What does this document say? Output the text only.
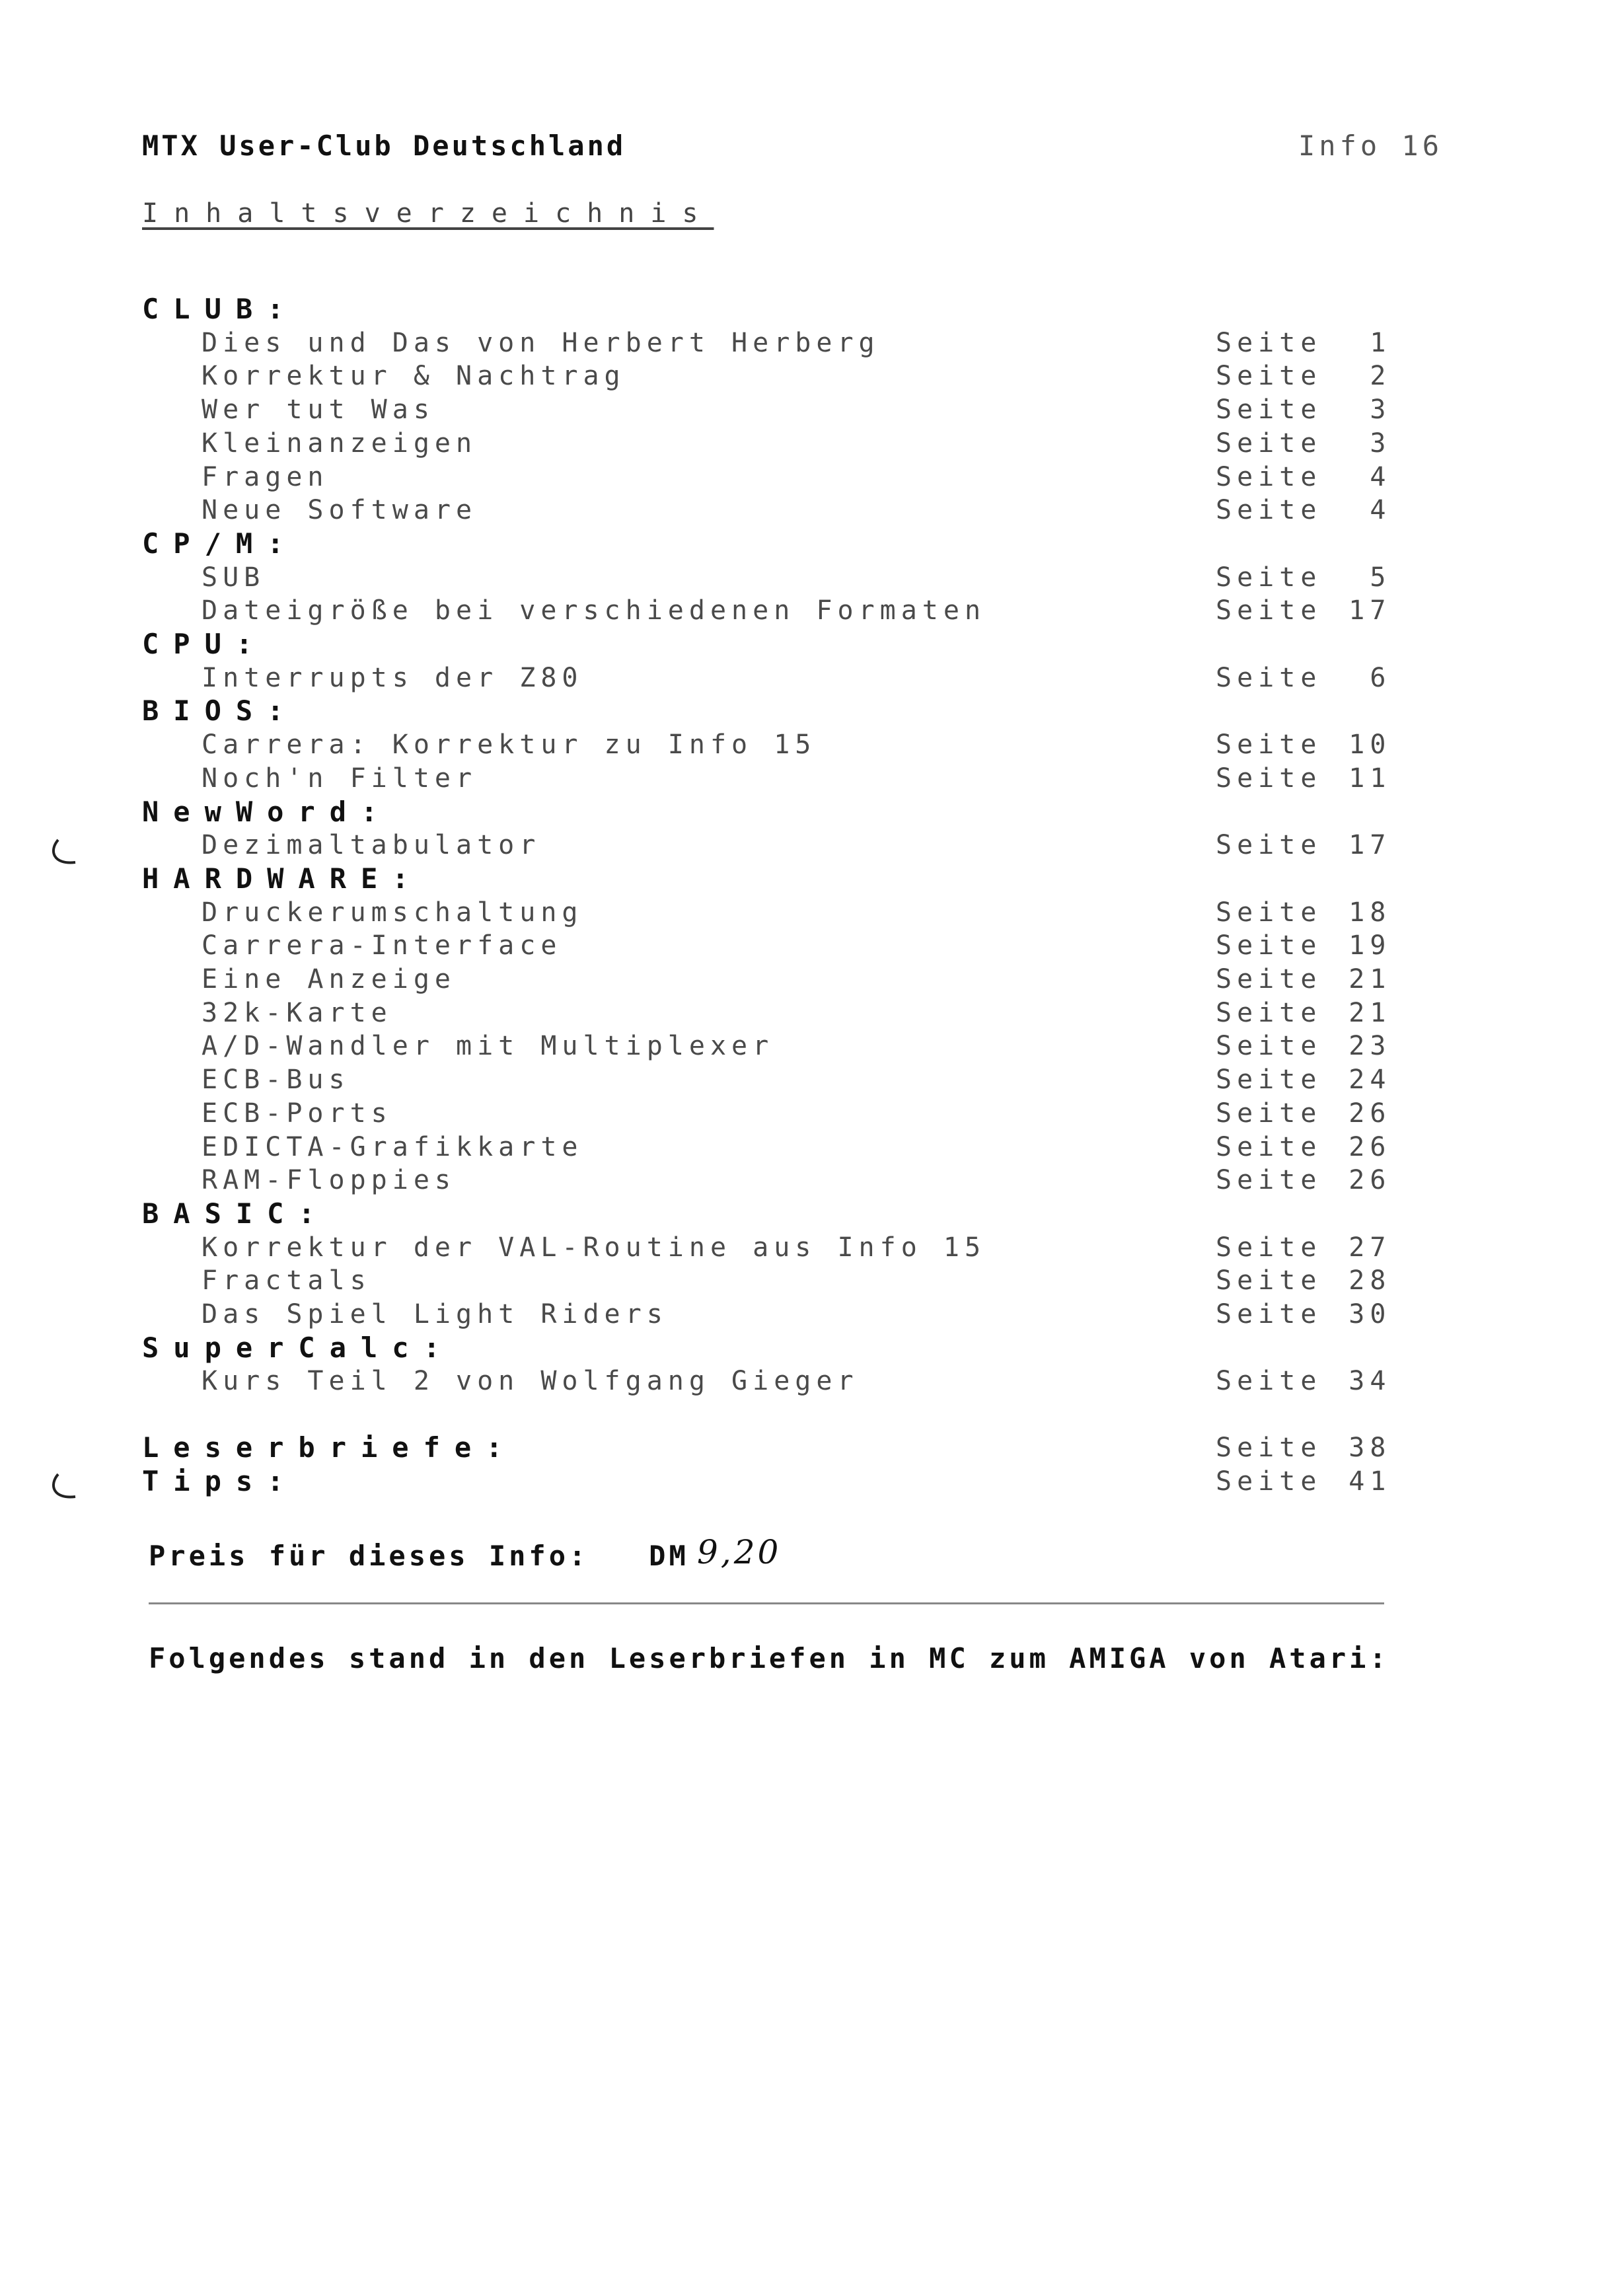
MTX User-Club Deutschland	Info 16
Inhaltsverzeichnis
CLUB:
Dies und Das von Herbert Herberg	Seite 1
Korrektur & Nachtrag	Seite 2
Wer tut Was	Seite 3
Kleinanzeigen	Seite 3
Fragen	Seite 4
Neue Software	Seite 4
CP/M:
SUB	Seite 5
Dateigröße bei verschiedenen Formaten	Seite 17
CPU:
Interrupts der Z80	Seite 6
BIOS:
Carrera: Korrektur zu Info 15	Seite 10
Noch'n Filter	Seite 11
NewWord:
Dezimaltabulator	Seite 17
HARDWARE:
Druckerumschaltung	Seite 18
Carrera-Interface	Seite 19
Eine Anzeige	Seite 21
32k-Karte	Seite 21
A/D-Wandler mit Multiplexer	Seite 23
ECB-Bus	Seite 24
ECB-Ports	Seite 26
EDICTA-Grafikkarte	Seite 26
RAM-Floppies	Seite 26
BASIC:
Korrektur der VAL-Routine aus Info 15	Seite 27
Fractals	Seite 28
Das Spiel Light Riders	Seite 30
SuperCalc:
Kurs Teil 2 von Wolfgang Gieger	Seite 34
Leserbriefe:	Seite 38
Tips:	Seite 41
Preis für dieses Info: DM 9,20
Folgendes stand in den Leserbriefen in MC zum AMIGA von Atari:
